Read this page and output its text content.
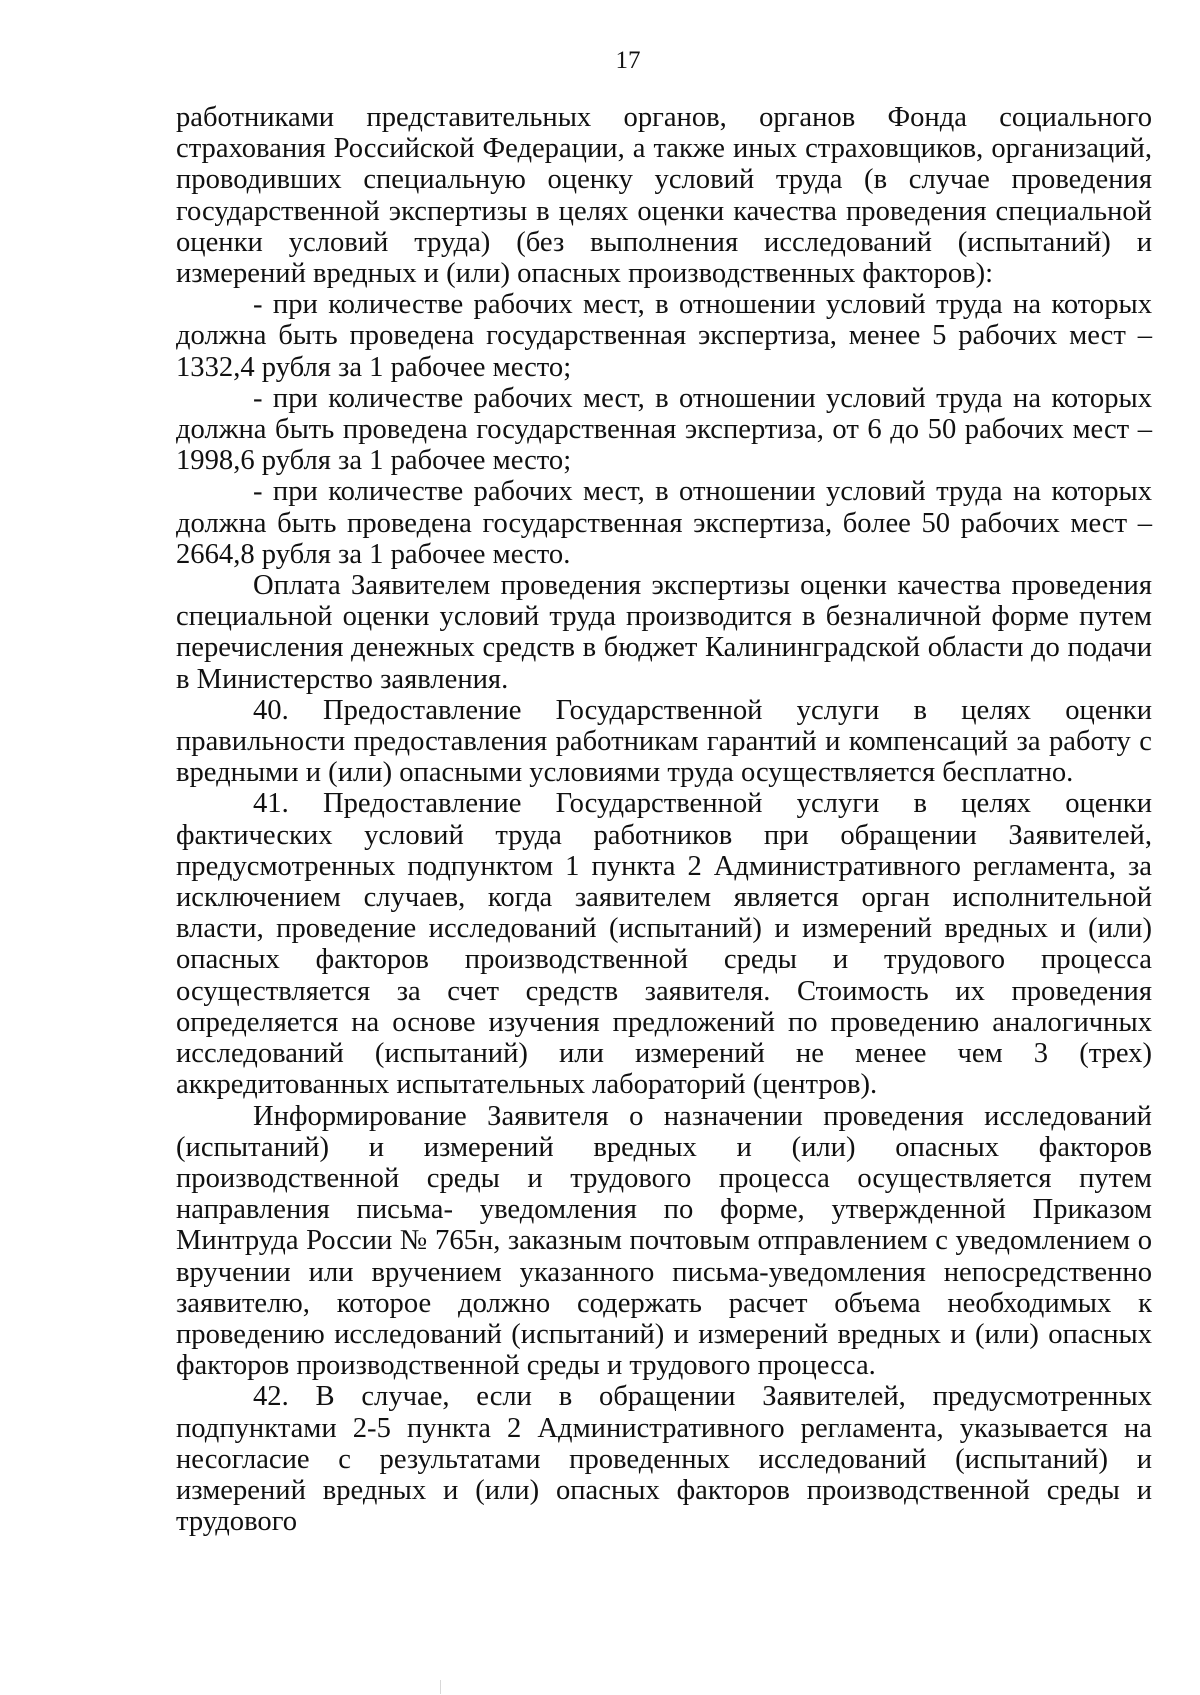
17

работниками представительных органов, органов Фонда социального страхования Российской Федерации, а также иных страховщиков, организаций, проводивших специальную оценку условий труда (в случае проведения государственной экспертизы в целях оценки качества проведения специальной оценки условий труда) (без выполнения исследований (испытаний) и измерений вредных и (или) опасных производственных факторов):

- при количестве рабочих мест, в отношении условий труда на которых должна быть проведена государственная экспертиза, менее 5 рабочих мест – 1332,4 рубля за 1 рабочее место;

- при количестве рабочих мест, в отношении условий труда на которых должна быть проведена государственная экспертиза, от 6 до 50 рабочих мест – 1998,6 рубля за 1 рабочее место;

- при количестве рабочих мест, в отношении условий труда на которых должна быть проведена государственная экспертиза, более 50 рабочих мест – 2664,8 рубля за 1 рабочее место.

Оплата Заявителем проведения экспертизы оценки качества проведения специальной оценки условий труда производится в безналичной форме путем перечисления денежных средств в бюджет Калининградской области до подачи в Министерство заявления.

40. Предоставление Государственной услуги в целях оценки правильности предоставления работникам гарантий и компенсаций за работу с вредными и (или) опасными условиями труда осуществляется бесплатно.

41. Предоставление Государственной услуги в целях оценки фактических условий труда работников при обращении Заявителей, предусмотренных подпунктом 1 пункта 2 Административного регламента, за исключением случаев, когда заявителем является орган исполнительной власти, проведение исследований (испытаний) и измерений вредных и (или) опасных факторов производственной среды и трудового процесса осуществляется за счет средств заявителя. Стоимость их проведения определяется на основе изучения предложений по проведению аналогичных исследований (испытаний) или измерений не менее чем 3 (трех) аккредитованных испытательных лабораторий (центров).

Информирование Заявителя о назначении проведения исследований (испытаний) и измерений вредных и (или) опасных факторов производственной среды и трудового процесса осуществляется путем направления письма- уведомления по форме, утвержденной Приказом Минтруда России № 765н, заказным почтовым отправлением с уведомлением о вручении или вручением указанного письма-уведомления непосредственно заявителю, которое должно содержать расчет объема необходимых к проведению исследований (испытаний) и измерений вредных и (или) опасных факторов производственной среды и трудового процесса.

42. В случае, если в обращении Заявителей, предусмотренных подпунктами 2-5 пункта 2 Административного регламента, указывается на несогласие с результатами проведенных исследований (испытаний) и измерений вредных и (или) опасных факторов производственной среды и трудового
